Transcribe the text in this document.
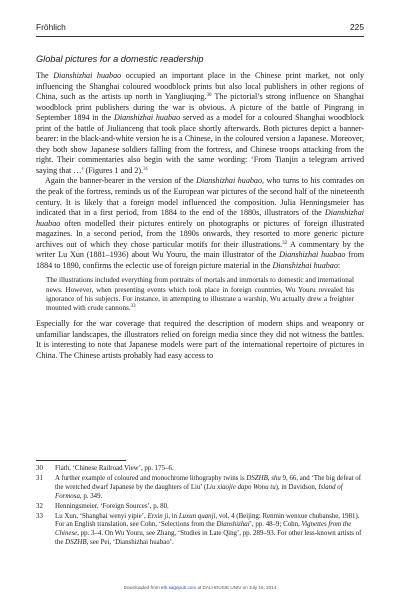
Fröhlich	225
Global pictures for a domestic readership

The Dianshizhai huabao occupied an important place in the Chinese print market, not only influencing the Shanghai coloured woodblock prints but also local publishers in other regions of China, such as the artists up north in Yangliuqing.$^{30}$ The pictorial’s strong influence on Shanghai woodblock print publishers during the war is obvious. A picture of the battle of Pingrang in September 1894 in the Dianshizhai huabao served as a model for a coloured Shanghai woodblock print of the battle of Jiulianceng that took place shortly afterwards. Both pictures depict a banner-bearer: in the black-and-white version he is a Chinese, in the coloured version a Japanese. Moreover, they both show Japanese soldiers falling from the fortress, and Chinese troops attacking from the right. Their commentaries also begin with the same wording: ‘From Tianjin a telegram arrived saying that …’ (Figures 1 and 2).$^{31}$

Again the banner-bearer in the version of the Dianshizhai huabao, who turns to his comrades on the peak of the fortress, reminds us of the European war pictures of the second half of the nineteenth century. It is likely that a foreign model influenced the composition. Julia Henningsmeier has indicated that in a first period, from 1884 to the end of the 1880s, illustrators of the Dianshizhai huabao often modelled their pictures entirely on photographs or pictures of foreign illustrated magazines. In a second period, from the 1890s onwards, they resorted to more generic picture archives out of which they chose particular motifs for their illustrations.$^{32}$ A commentary by the writer Lu Xun (1881–1936) about Wu Youru, the main illustrator of the Dianshizhai huabao from 1884 to 1890, confirms the eclectic use of foreign picture material in the Dianshizhai huabao:

The illustrations included everything from portraits of mortals and immortals to domestic and international news. However, when presenting events which took place in foreign countries, Wu Youru revealed his ignorance of his subjects. For instance, in attempting to illustrate a warship, Wu actually drew a freighter mounted with crude cannons.$^{33}$

Especially for the war coverage that required the description of modern ships and weaponry or unfamiliar landscapes, the illustrators relied on foreign media since they did not witness the battles. It is interesting to note that Japanese models were part of the international repertoire of pictures in China. The Chinese artists probably had easy access to

30 Flath, ‘Chinese Railroad View’, pp. 175–6.
31 A further example of coloured and monochrome lithography twins is DSZHB, shu 9, 66, and ‘The big defeat of the wretched dwarf Japanese by the daughters of Liu’ (Liu xiaojie dapo Wonu tu), in Davidson, Island of Formosa, p. 349.
32 Henningsmeier, ‘Foreign Sources’, p. 80.
33 Lu Xun, ‘Shanghai wenyi yipie’, Erxin ji, in Luxun quanji, vol. 4 (Beijing: Renmin wenxue chubanshe, 1981). For an English translation, see Cohn, ‘Selections from the Dianshizhai’, pp. 48–9; Cohn, Vignettes from the Chinese, pp. 3–4. On Wu Youru, see Zhang, ‘Studies in Late Qing’, pp. 289–93. For other less-known artists of the DSZHB, see Pei, ‘Dianshizhai huabao’.
Downloaded from eth.sagepub.com at DALHOUSIE UNIV on July 16, 2014
